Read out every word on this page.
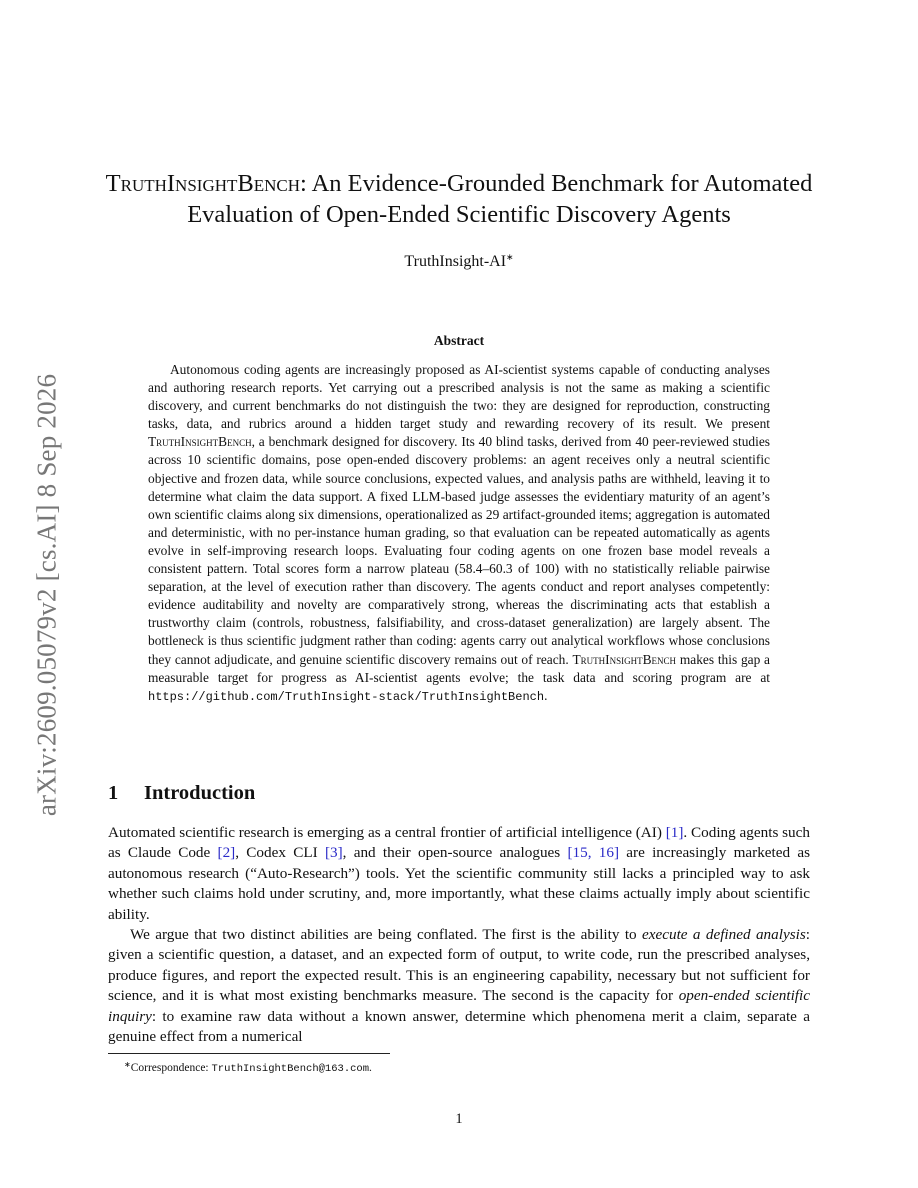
arXiv:2609.05079v2 [cs.AI] 8 Sep 2026
TruthInsightBench: An Evidence-Grounded Benchmark for Automated Evaluation of Open-Ended Scientific Discovery Agents
TruthInsight-AI∗
Abstract

Autonomous coding agents are increasingly proposed as AI-scientist systems capable of conducting analyses and authoring research reports. Yet carrying out a prescribed analysis is not the same as making a scientific discovery, and current benchmarks do not distinguish the two: they are designed for reproduction, constructing tasks, data, and rubrics around a hidden target study and rewarding recovery of its result. We present TruthInsightBench, a benchmark designed for discovery. Its 40 blind tasks, derived from 40 peer-reviewed studies across 10 scientific domains, pose open-ended discovery problems: an agent receives only a neutral scientific objective and frozen data, while source conclusions, expected values, and analysis paths are withheld, leaving it to determine what claim the data support. A fixed LLM-based judge assesses the evidentiary maturity of an agent’s own scientific claims along six dimensions, operationalized as 29 artifact-grounded items; aggregation is automated and deterministic, with no per-instance human grading, so that evaluation can be repeated automatically as agents evolve in self-improving research loops. Evaluating four coding agents on one frozen base model reveals a consistent pattern. Total scores form a narrow plateau (58.4–60.3 of 100) with no statistically reliable pairwise separation, at the level of execution rather than discovery. The agents conduct and report analyses competently: evidence auditability and novelty are comparatively strong, whereas the discriminating acts that establish a trustworthy claim (controls, robustness, falsifiability, and cross-dataset generalization) are largely absent. The bottleneck is thus scientific judgment rather than coding: agents carry out analytical workflows whose conclusions they cannot adjudicate, and genuine scientific discovery remains out of reach. TruthInsightBench makes this gap a measurable target for progress as AI-scientist agents evolve; the task data and scoring program are at https://github.com/TruthInsight-stack/TruthInsightBench.

1 Introduction

Automated scientific research is emerging as a central frontier of artificial intelligence (AI) [1]. Coding agents such as Claude Code [2], Codex CLI [3], and their open-source analogues [15, 16] are increasingly marketed as autonomous research (“Auto-Research”) tools. Yet the scientific community still lacks a principled way to ask whether such claims hold under scrutiny, and, more importantly, what these claims actually imply about scientific ability.

We argue that two distinct abilities are being conflated. The first is the ability to execute a defined analysis: given a scientific question, a dataset, and an expected form of output, to write code, run the prescribed analyses, produce figures, and report the expected result. This is an engineering capability, necessary but not sufficient for science, and it is what most existing benchmarks measure. The second is the capacity for open-ended scientific inquiry: to examine raw data without a known answer, determine which phenomena merit a claim, separate a genuine effect from a numerical

∗Correspondence: TruthInsightBench@163.com.
1
